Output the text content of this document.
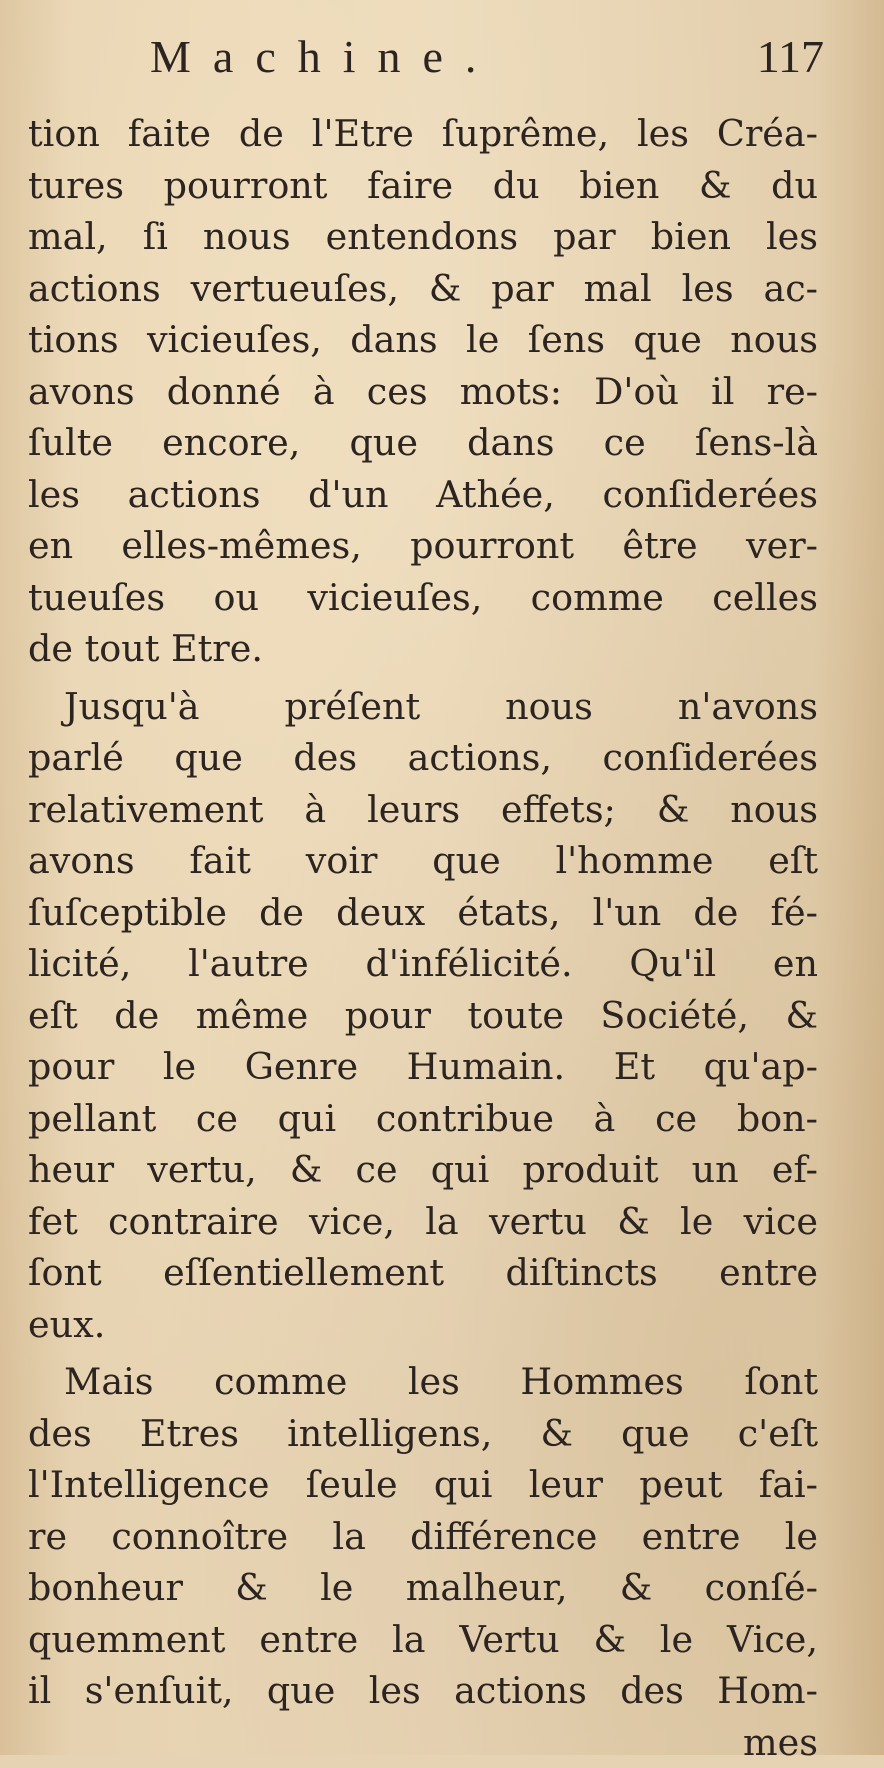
Machine.	117
tion faite de l'Etre ſuprême, les Créa-
tures pourront faire du bien & du
mal, ſi nous entendons par bien les
actions vertueuſes, & par mal les ac-
tions vicieuſes, dans le ſens que nous
avons donné à ces mots: D'où il re-
ſulte encore, que dans ce ſens-là
les actions d'un Athée, conſiderées
en elles-mêmes, pourront être ver-
tueuſes ou vicieuſes, comme celles
de tout Etre.
Jusqu'à préſent nous n'avons
parlé que des actions, conſiderées
relativement à leurs effets; & nous
avons fait voir que l'homme eſt
ſuſceptible de deux états, l'un de fé-
licité, l'autre d'infélicité. Qu'il en
eſt de même pour toute Société, &
pour le Genre Humain. Et qu'ap-
pellant ce qui contribue à ce bon-
heur vertu, & ce qui produit un ef-
fet contraire vice, la vertu & le vice
ſont eſſentiellement diſtincts entre
eux.
Mais comme les Hommes ſont
des Etres intelligens, & que c'eſt
l'Intelligence ſeule qui leur peut fai-
re connoître la différence entre le
bonheur & le malheur, & conſé-
quemment entre la Vertu & le Vice,
il s'enſuit, que les actions des Hom-
mes
